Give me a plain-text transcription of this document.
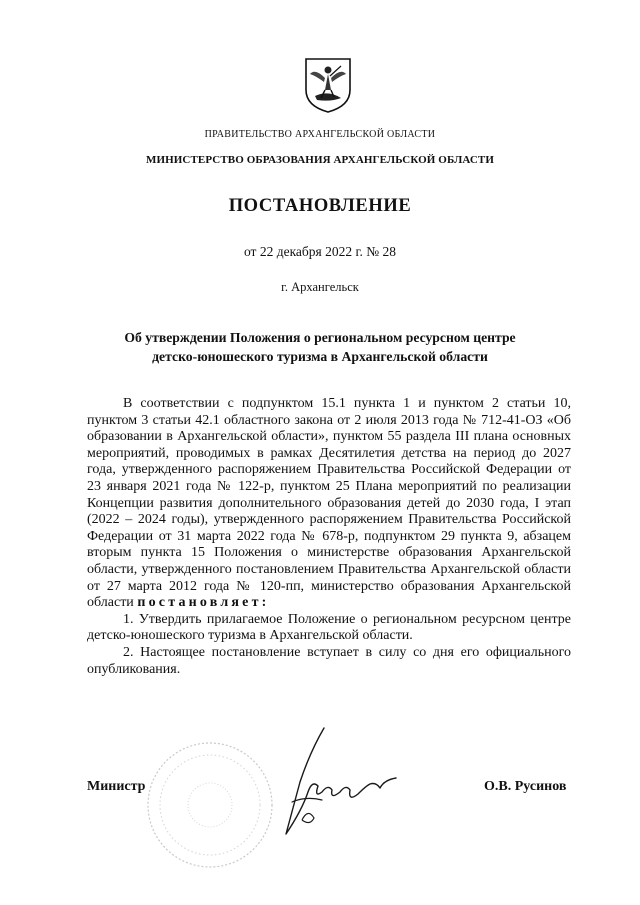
ПРАВИТЕЛЬСТВО АРХАНГЕЛЬСКОЙ ОБЛАСТИ
МИНИСТЕРСТВО ОБРАЗОВАНИЯ АРХАНГЕЛЬСКОЙ ОБЛАСТИ
ПОСТАНОВЛЕНИЕ
от 22 декабря 2022 г. № 28
г. Архангельск
Об утверждении Положения о региональном ресурсном центре
детско-юношеского туризма в Архангельской области

В соответствии с подпунктом 15.1 пункта 1 и пунктом 2 статьи 10, пунктом 3 статьи 42.1 областного закона от 2 июля 2013 года № 712-41-ОЗ «Об образовании в Архангельской области», пунктом 55 раздела III плана основных мероприятий, проводимых в рамках Десятилетия детства на период до 2027 года, утвержденного распоряжением Правительства Российской Федерации от 23 января 2021 года № 122-р, пунктом 25 Плана мероприятий по реализации Концепции развития дополнительного образования детей до 2030 года, I этап (2022 – 2024 годы), утвержденного распоряжением Правительства Российской Федерации от 31 марта 2022 года № 678-р, подпунктом 29 пункта 9, абзацем вторым пункта 15 Положения о министерстве образования Архангельской области, утвержденного постановлением Правительства Архангельской области от 27 марта 2012 года № 120-пп, министерство образования Архангельской области постановляет:

1. Утвердить прилагаемое Положение о региональном ресурсном центре детско-юношеского туризма в Архангельской области.

2. Настоящее постановление вступает в силу со дня его официального опубликования.

Министр	О.В. Русинов
